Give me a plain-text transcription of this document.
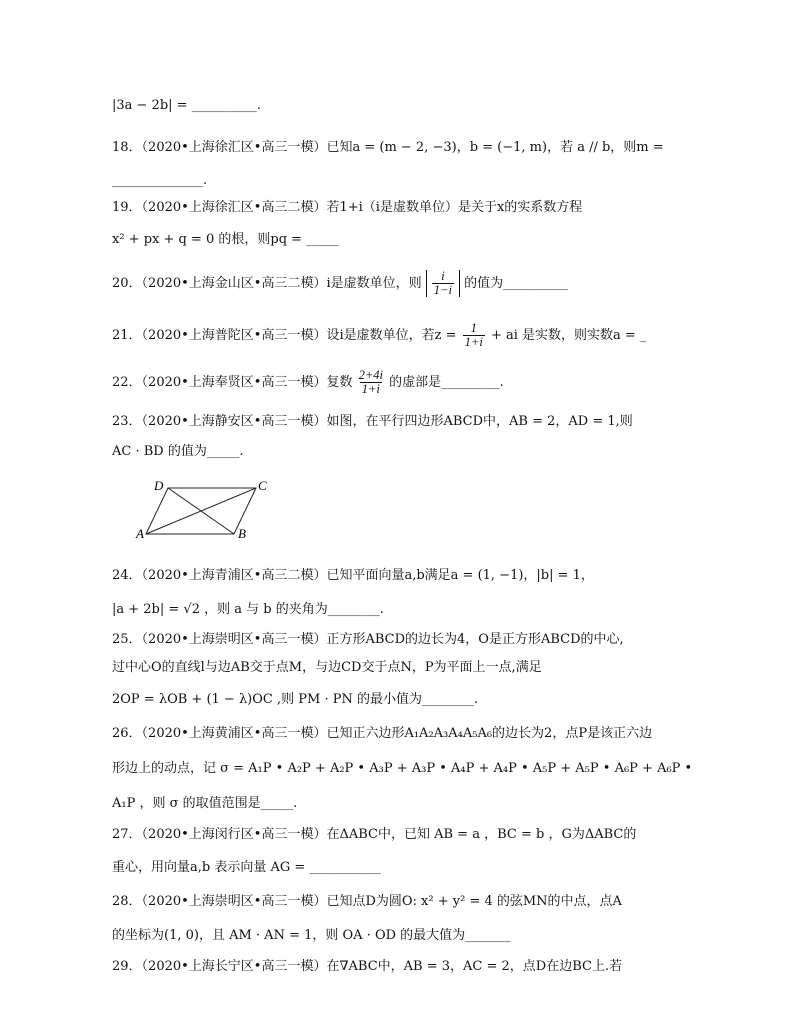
|3a − 2b| = __________.
18．（2020•上海徐汇区•高三一模）已知a = (m − 2, −3)，b = (−1, m)，若 a // b，则m =
______________.
19．（2020•上海徐汇区•高三二模）若1+i（i是虚数单位）是关于x的实系数方程
x² + px + q = 0 的根，则pq = _____
20．（2020•上海金山区•高三二模）i是虚数单位，则 $\frac{i}{1-i}$ 的值为__________
21．（2020•上海普陀区•高三一模）设i是虚数单位，若$z = \frac{1}{1+i}$ + ai 是实数，则实数a = _
22．（2020•上海奉贤区•高三一模）复数 $\frac{2+4i}{1+i}$ 的虚部是_________.
23．（2020•上海静安区•高三一模）如图，在平行四边形ABCD中，AB = 2，AD = 1,则
AC · BD 的值为_____.
A	B
C
D
24．（2020•上海青浦区•高三二模）已知平面向量a,b满足a = (1, −1)，|b| = 1，
|a + 2b| = √2 ，则 a 与 b 的夹角为________.
25．（2020•上海崇明区•高三一模）正方形ABCD的边长为4，O是正方形ABCD的中心,
过中心O的直线l与边AB交于点M，与边CD交于点N，P为平面上一点,满足
2OP = λOB + (1 − λ)OC ,则 PM · PN 的最小值为________.
26．（2020•上海黄浦区•高三一模）已知正六边形A₁A₂A₃A₄A₅A₆的边长为2，点P是该正六边
形边上的动点，记 σ = A₁P • A₂P + A₂P • A₃P + A₃P • A₄P + A₄P • A₅P + A₅P • A₆P + A₆P •
A₁P ，则 σ 的取值范围是_____.
27．（2020•上海闵行区•高三一模）在ΔABC中，已知 AB = a ，BC = b ，G为ΔABC的
重心，用向量a,b 表示向量 AG = ___________
28．（2020•上海崇明区•高三一模）已知点D为圆O: x² + y² = 4 的弦MN的中点，点A
的坐标为(1, 0)，且 AM · AN = 1，则 OA · OD 的最大值为_______
29．（2020•上海长宁区•高三一模）在∇ABC中，AB = 3，AC = 2，点D在边BC上.若
